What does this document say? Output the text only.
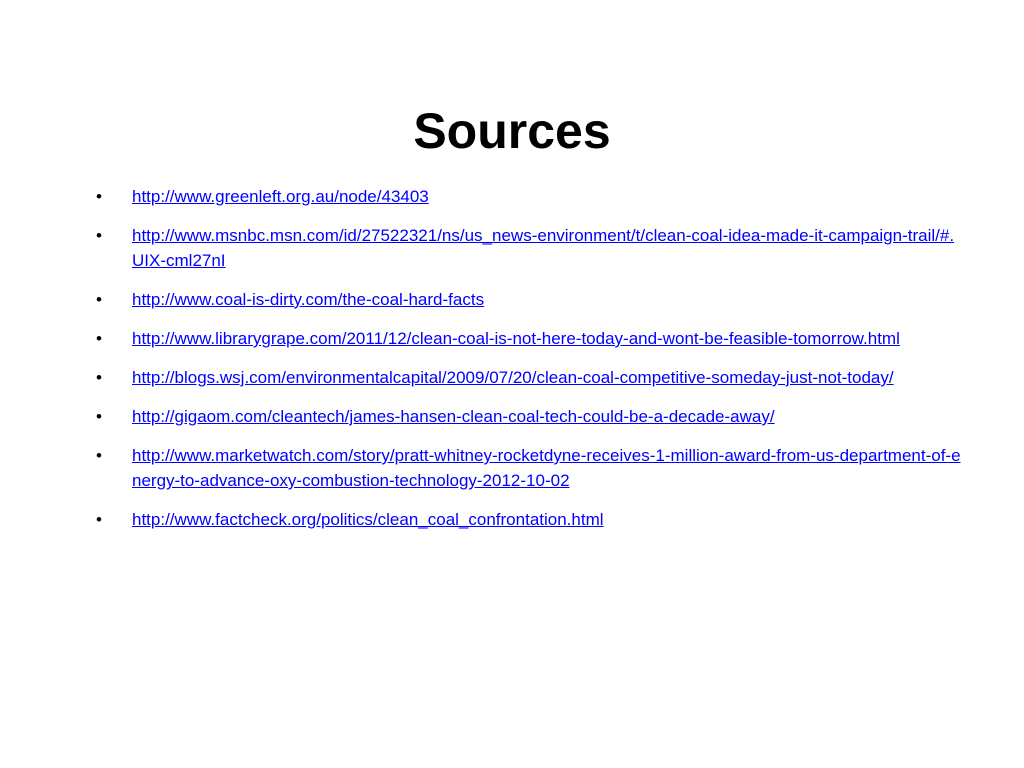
Sources
• http://www.greenleft.org.au/node/43403
• http://www.msnbc.msn.com/id/27522321/ns/us_news-environment/t/clean-coal-idea-made-it-campaign-trail/#.UIX-cml27nI
• http://www.coal-is-dirty.com/the-coal-hard-facts
• http://www.librarygrape.com/2011/12/clean-coal-is-not-here-today-and-wont-be-feasible-tomorrow.html
• http://blogs.wsj.com/environmentalcapital/2009/07/20/clean-coal-competitive-someday-just-not-today/
• http://gigaom.com/cleantech/james-hansen-clean-coal-tech-could-be-a-decade-away/
• http://www.marketwatch.com/story/pratt-whitney-rocketdyne-receives-1-million-award-from-us-department-of-energy-to-advance-oxy-combustion-technology-2012-10-02
• http://www.factcheck.org/politics/clean_coal_confrontation.html
